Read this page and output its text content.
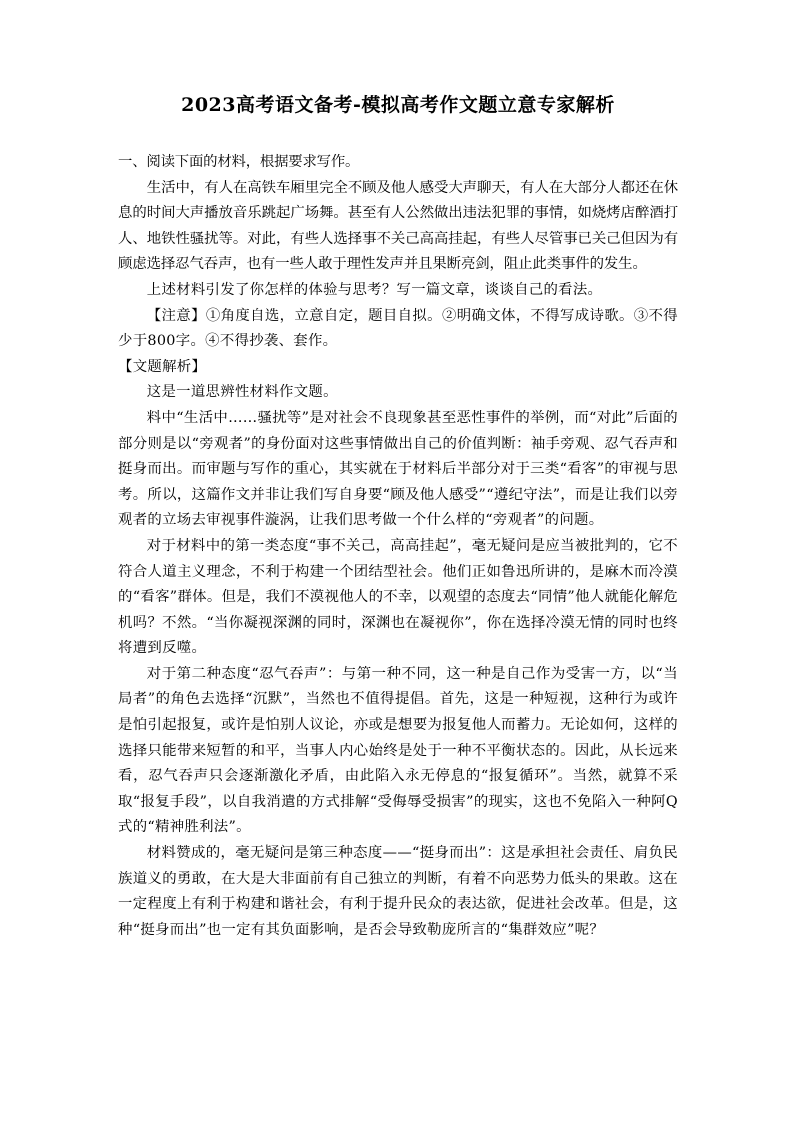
2023高考语文备考-模拟高考作文题立意专家解析

一、阅读下面的材料，根据要求写作。

生活中，有人在高铁车厢里完全不顾及他人感受大声聊天，有人在大部分人都还在休息的时间大声播放音乐跳起广场舞。甚至有人公然做出违法犯罪的事情，如烧烤店醉酒打人、地铁性骚扰等。对此，有些人选择事不关己高高挂起，有些人尽管事已关己但因为有顾虑选择忍气吞声，也有一些人敢于理性发声并且果断亮剑，阻止此类事件的发生。

上述材料引发了你怎样的体验与思考？写一篇文章，谈谈自己的看法。

【注意】①角度自选，立意自定，题目自拟。②明确文体，不得写成诗歌。③不得少于800字。④不得抄袭、套作。

【文题解析】

这是一道思辨性材料作文题。

料中“生活中……骚扰等”是对社会不良现象甚至恶性事件的举例，而“对此”后面的部分则是以“旁观者”的身份面对这些事情做出自己的价值判断：袖手旁观、忍气吞声和挺身而出。而审题与写作的重心，其实就在于材料后半部分对于三类“看客”的审视与思考。所以，这篇作文并非让我们写自身要“顾及他人感受”“遵纪守法”，而是让我们以旁观者的立场去审视事件漩涡，让我们思考做一个什么样的“旁观者”的问题。

对于材料中的第一类态度“事不关己，高高挂起”，毫无疑问是应当被批判的，它不符合人道主义理念，不利于构建一个团结型社会。他们正如鲁迅所讲的，是麻木而冷漠的“看客”群体。但是，我们不漠视他人的不幸，以观望的态度去“同情”他人就能化解危机吗？不然。“当你凝视深渊的同时，深渊也在凝视你”，你在选择冷漠无情的同时也终将遭到反噬。

对于第二种态度“忍气吞声”：与第一种不同，这一种是自己作为受害一方，以“当局者”的角色去选择“沉默”，当然也不值得提倡。首先，这是一种短视，这种行为或许是怕引起报复，或许是怕别人议论，亦或是想要为报复他人而蓄力。无论如何，这样的选择只能带来短暂的和平，当事人内心始终是处于一种不平衡状态的。因此，从长远来看，忍气吞声只会逐渐激化矛盾，由此陷入永无停息的“报复循环”。当然，就算不采取“报复手段”，以自我消遣的方式排解“受侮辱受损害”的现实，这也不免陷入一种阿Q式的“精神胜利法”。

材料赞成的，毫无疑问是第三种态度——“挺身而出”：这是承担社会责任、肩负民族道义的勇敢，在大是大非面前有自己独立的判断，有着不向恶势力低头的果敢。这在一定程度上有利于构建和谐社会，有利于提升民众的表达欲，促进社会改革。但是，这种“挺身而出”也一定有其负面影响，是否会导致勒庞所言的“集群效应”呢？
